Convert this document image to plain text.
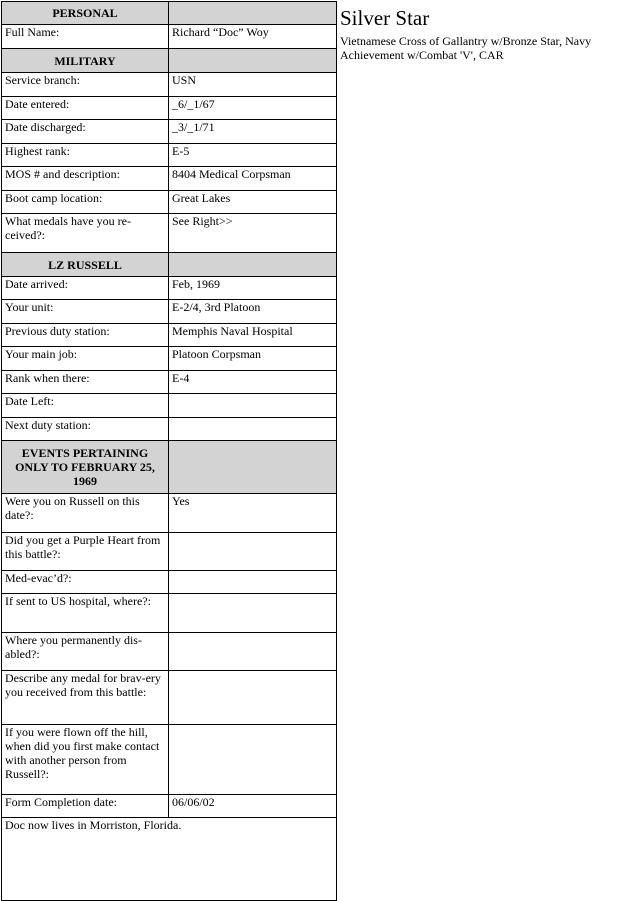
PERSONAL	
Full Name:	Richard “Doc” Woy
MILITARY	
Service branch:	USN
Date entered:	_6/_1/67
Date discharged:	_3/_1/71
Highest rank:	E-5
MOS # and description:	8404 Medical Corpsman
Boot camp location:	Great Lakes
What medals have you re-ceived?:	See Right>>
LZ RUSSELL	
Date arrived:	Feb, 1969
Your unit:	E-2/4, 3rd Platoon
Previous duty station:	Memphis Naval Hospital
Your main job:	Platoon Corpsman
Rank when there:	E-4
Date Left:	
Next duty station:	
EVENTS PERTAINING ONLY TO FEBRUARY 25, 1969	
Were you on Russell on this date?:	Yes
Did you get a Purple Heart from this battle?:	
Med-evac’d?:	
If sent to US hospital, where?:	
Where you permanently dis-abled?:	
Describe any medal for brav-ery you received from this battle:	
If you were flown off the hill, when did you first make contact with another person from Russell?:	
Form Completion date:	06/06/02
Doc now lives in Morriston, Florida.	
Silver Star
Vietnamese Cross of Gallantry w/Bronze Star, Navy Achievement w/Combat 'V', CAR
